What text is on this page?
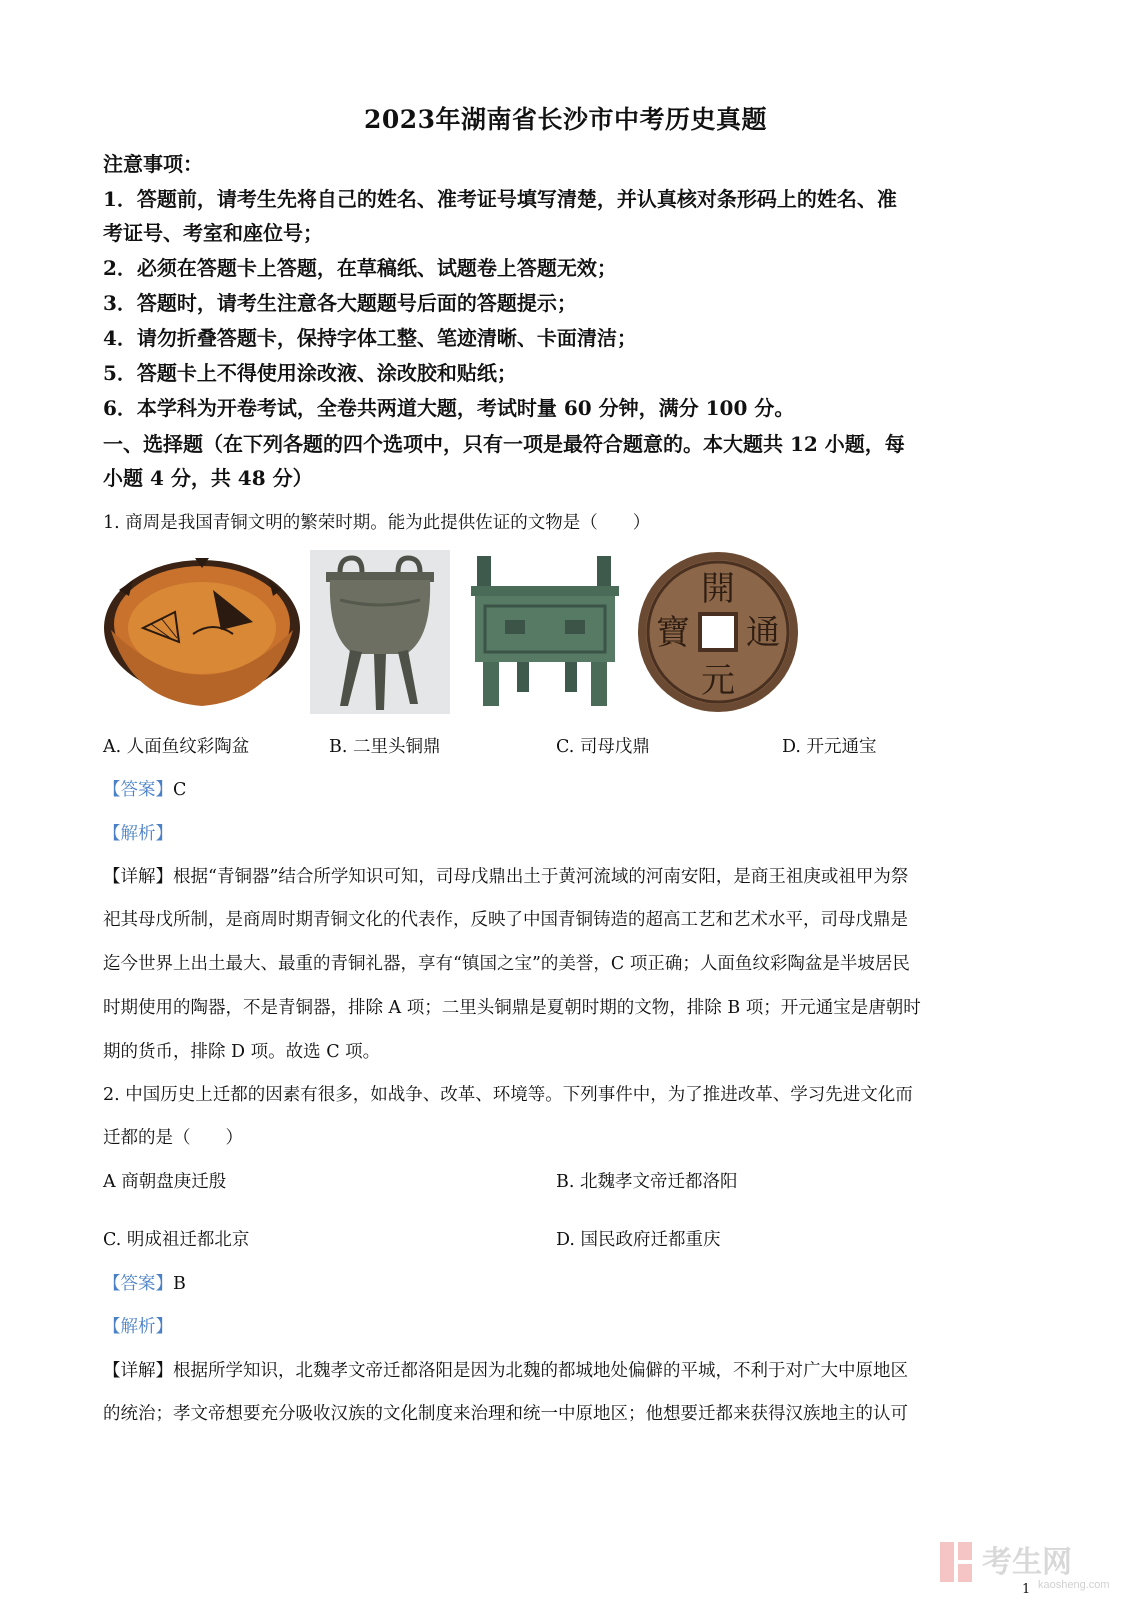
2023年湖南省长沙市中考历史真题
注意事项：
1．答题前，请考生先将自己的姓名、准考证号填写清楚，并认真核对条形码上的姓名、准
考证号、考室和座位号；
2．必须在答题卡上答题，在草稿纸、试题卷上答题无效；
3．答题时，请考生注意各大题题号后面的答题提示；
4．请勿折叠答题卡，保持字体工整、笔迹清晰、卡面清洁；
5．答题卡上不得使用涂改液、涂改胶和贴纸；
6．本学科为开卷考试，全卷共两道大题，考试时量 60 分钟，满分 100 分。
一、选择题（在下列各题的四个选项中，只有一项是最符合题意的。本大题共 12 小题，每
小题 4 分，共 48 分）
1. 商周是我国青铜文明的繁荣时期。能为此提供佐证的文物是（　　）
開
元
通
寶
A. 人面鱼纹彩陶盆	B. 二里头铜鼎	C. 司母戊鼎	D. 开元通宝
【答案】C
【解析】
【详解】根据“青铜器”结合所学知识可知，司母戊鼎出土于黄河流域的河南安阳，是商王祖庚或祖甲为祭
祀其母戊所制，是商周时期青铜文化的代表作，反映了中国青铜铸造的超高工艺和艺术水平，司母戊鼎是
迄今世界上出土最大、最重的青铜礼器，享有“镇国之宝”的美誉，C 项正确；人面鱼纹彩陶盆是半坡居民
时期使用的陶器，不是青铜器，排除 A 项；二里头铜鼎是夏朝时期的文物，排除 B 项；开元通宝是唐朝时
期的货币，排除 D 项。故选 C 项。
2. 中国历史上迁都的因素有很多，如战争、改革、环境等。下列事件中，为了推进改革、学习先进文化而
迁都的是（　　）
A 商朝盘庚迁殷	B. 北魏孝文帝迁都洛阳
C. 明成祖迁都北京	D. 国民政府迁都重庆
【答案】B
【解析】
【详解】根据所学知识，北魏孝文帝迁都洛阳是因为北魏的都城地处偏僻的平城，不利于对广大中原地区
的统治；孝文帝想要充分吸收汉族的文化制度来治理和统一中原地区；他想要迁都来获得汉族地主的认可
考生网
kaosheng.com
1
